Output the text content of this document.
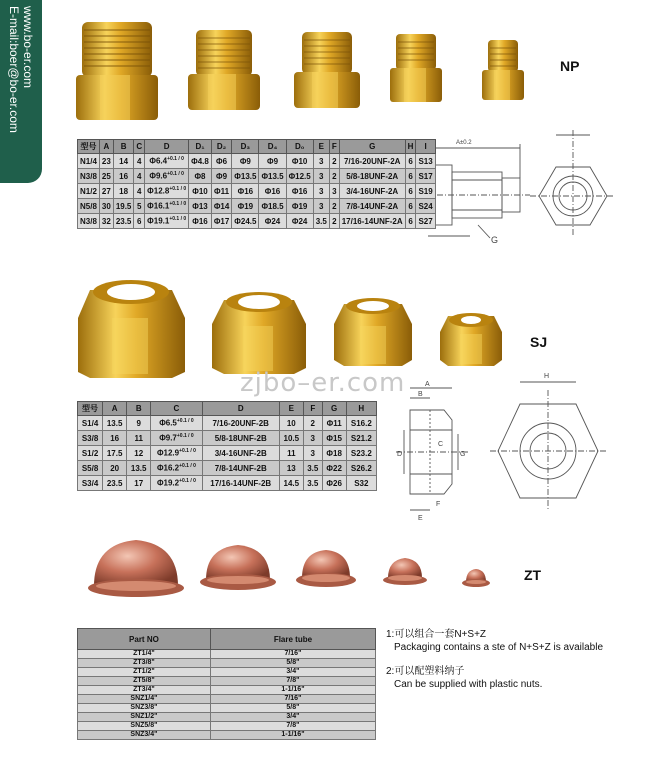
www.bo-er.com
E-mail:boer@bo-er.com
A±0.2
G
A
B
D
C
G
E
F
H
zjbo–er.com
NP
SJ
ZT
型号	A	B	C	D	D₁	D₂	D₃	D₄	D₀	E	F	G	H	I
N1/4	23	14	4	$\Phi 6.4^{+0.1 / 0}$	Φ4.8	Φ6	Φ9	Φ9	Φ10	3	2	7/16-20UNF-2A	6	S13
N3/8	25	16	4	$\Phi 9.6^{+0.1 / 0}$	Φ8	Φ9	Φ13.5	Φ13.5	Φ12.5	3	2	5/8-18UNF-2A	6	S17
N1/2	27	18	4	$\Phi 12.8^{+0.1 / 0}$	Φ10	Φ11	Φ16	Φ16	Φ16	3	3	3/4-16UNF-2A	6	S19
N5/8	30	19.5	5	$\Phi 16.1^{+0.1 / 0}$	Φ13	Φ14	Φ19	Φ18.5	Φ19	3	2	7/8-14UNF-2A	6	S24
N3/8	32	23.5	6	$\Phi 19.1^{+0.1 / 0}$	Φ16	Φ17	Φ24.5	Φ24	Φ24	3.5	2	17/16-14UNF-2A	6	S27
型号	A	B	C	D	E	F	G	H
S1/4	13.5	9	$\Phi 6.5^{+0.1 / 0}$	7/16-20UNF-2B	10	2	Φ11	S16.2
S3/8	16	11	$\Phi 9.7^{+0.1 / 0}$	5/8-18UNF-2B	10.5	3	Φ15	S21.2
S1/2	17.5	12	$\Phi 12.9^{+0.1 / 0}$	3/4-16UNF-2B	11	3	Φ18	S23.2
S5/8	20	13.5	$\Phi 16.2^{+0.1 / 0}$	7/8-14UNF-2B	13	3.5	Φ22	S26.2
S3/4	23.5	17	$\Phi 19.2^{+0.1 / 0}$	17/16-14UNF-2B	14.5	3.5	Φ26	S32
Part NO	Flare tube
ZT1/4"	7/16"
ZT3/8"	5/8"
ZT1/2"	3/4"
ZT5/8"	7/8"
ZT3/4"	1-1/16"
SNZ1/4"	7/16"
SNZ3/8"	5/8"
SNZ1/2"	3/4"
SNZ5/8"	7/8"
SNZ3/4"	1-1/16"
1:可以组合一套N+S+Z
Packaging contains a ste of N+S+Z is available
2:可以配塑料纳子
Can be supplied with plastic nuts.
